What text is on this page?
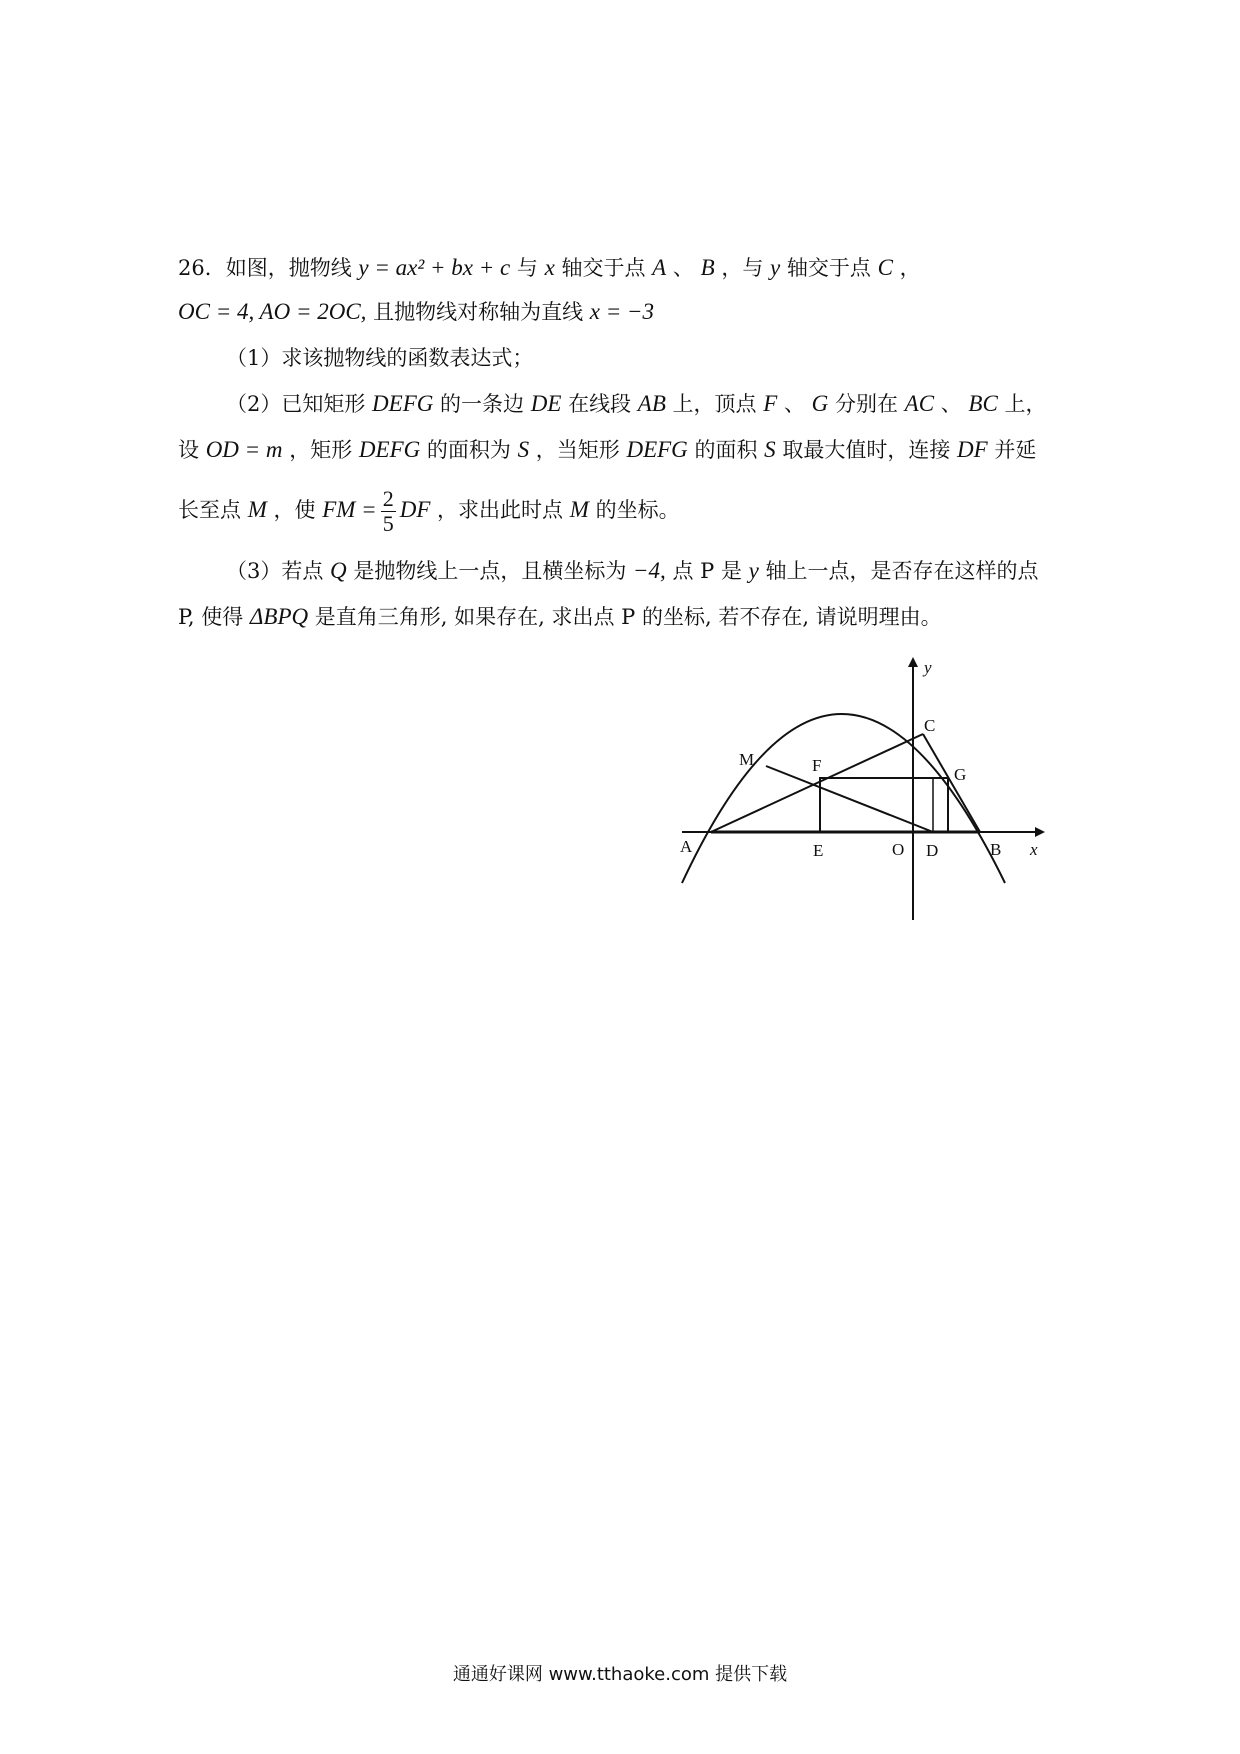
26．如图，抛物线 y = ax² + bx + c 与 x 轴交于点 A 、 B ，与 y 轴交于点 C ，
OC = 4, AO = 2OC, 且抛物线对称轴为直线 x = −3
（1）求该抛物线的函数表达式；
（2）已知矩形 DEFG 的一条边 DE 在线段 AB 上，顶点 F 、 G 分别在 AC 、 BC 上，
设 OD = m ，矩形 DEFG 的面积为 S ，当矩形 DEFG 的面积 S 取最大值时，连接 DF 并延
长至点 M ，使 FM = $\frac{2}{5}$ DF ，求出此时点 M 的坐标。
（3）若点 Q 是抛物线上一点，且横坐标为 −4, 点 P 是 y 轴上一点，是否存在这样的点
P, 使得 ΔBPQ 是直角三角形, 如果存在, 求出点 P 的坐标, 若不存在, 请说明理由。
y
x
M
C
F	G
A	E	O D	B
通通好课网 www.tthaoke.com 提供下载
